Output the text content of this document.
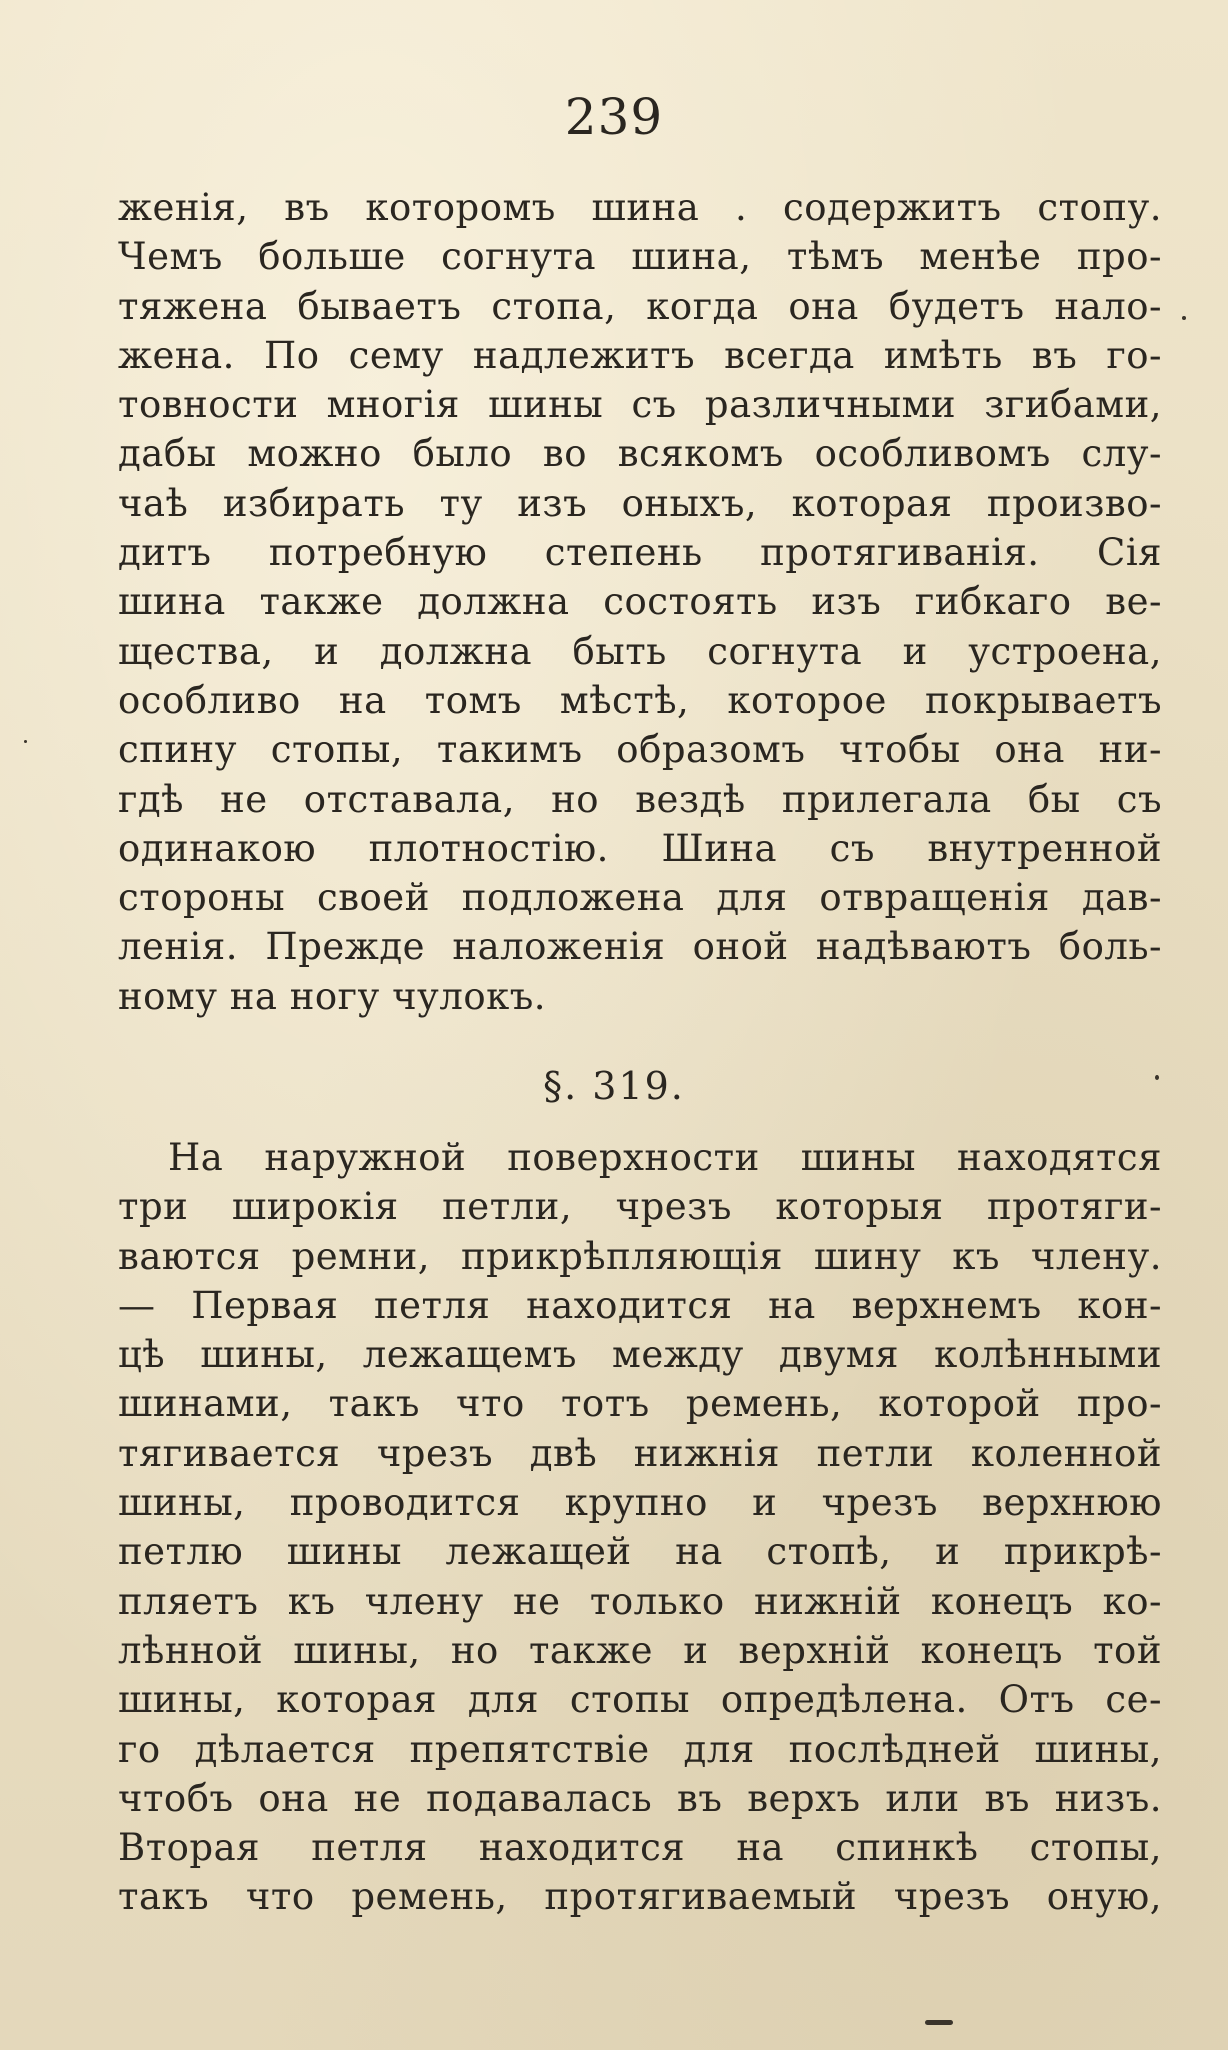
239
женія, въ которомъ шина . содержитъ стопу.
Чемъ больше согнута шина, тѣмъ менѣе про-
тяжена бываетъ стопа, когда она будетъ нало-
жена. По сему надлежитъ всегда имѣть въ го-
товности многія шины съ различными згибами,
дабы можно было во всякомъ особливомъ слу-
чаѣ избирать ту изъ оныхъ, которая произво-
дитъ потребную степень протягиванія. Сія
шина также должна состоять изъ гибкаго ве-
щества, и должна быть согнута и устроена,
особливо на томъ мѣстѣ, которое покрываетъ
спину стопы, такимъ образомъ чтобы она ни-
гдѣ не отставала, но вездѣ прилегала бы съ
одинакою плотностію. Шина съ внутренной
стороны своей подложена для отвращенія дав-
ленія. Прежде наложенія оной надѣваютъ боль-
ному на ногу чулокъ.
§. 319.
На наружной поверхности шины находятся
три широкія петли, чрезъ которыя протяги-
ваются ремни, прикрѣпляющія шину къ члену.
— Первая петля находится на верхнемъ кон-
цѣ шины, лежащемъ между двумя колѣнными
шинами, такъ что тотъ ремень, которой про-
тягивается чрезъ двѣ нижнія петли коленной
шины, проводится крупно и чрезъ верхнюю
петлю шины лежащей на стопѣ, и прикрѣ-
пляетъ къ члену не только нижній конецъ ко-
лѣнной шины, но также и верхній конецъ той
шины, которая для стопы опредѣлена. Отъ се-
го дѣлается препятствіе для послѣдней шины,
чтобъ она не подавалась въ верхъ или въ низъ.
Вторая петля находится на спинкѣ стопы,
такъ что ремень, протягиваемый чрезъ оную,
